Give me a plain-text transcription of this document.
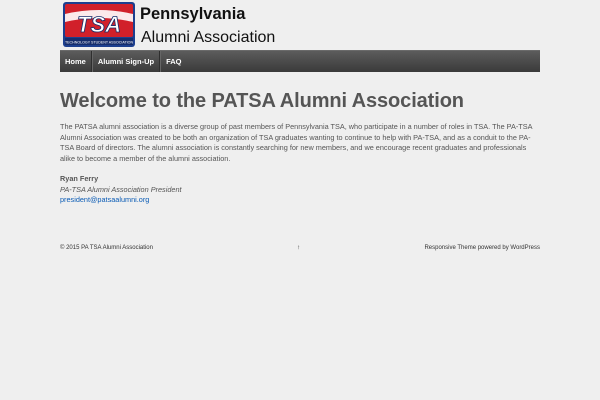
TSA
TECHNOLOGY STUDENT ASSOCIATION
Pennsylvania
Alumni Association
Home	Alumni Sign-Up	FAQ
Welcome to the PATSA Alumni Association

The PATSA alumni association is a diverse group of past members of Pennsylvania TSA, who participate in a number of roles in TSA. The PA-TSA Alumni Association was created to be both an organization of TSA graduates wanting to continue to help with PA-TSA, and as a conduit to the PA-TSA Board of directors. The alumni association is constantly searching for new members, and we encourage recent graduates and professionals alike to become a member of the alumni association.

Ryan Ferry
PA-TSA Alumni Association President
president@patsaalumni.org
© 2015 PA TSA Alumni Association	↑	Responsive Theme powered by WordPress
